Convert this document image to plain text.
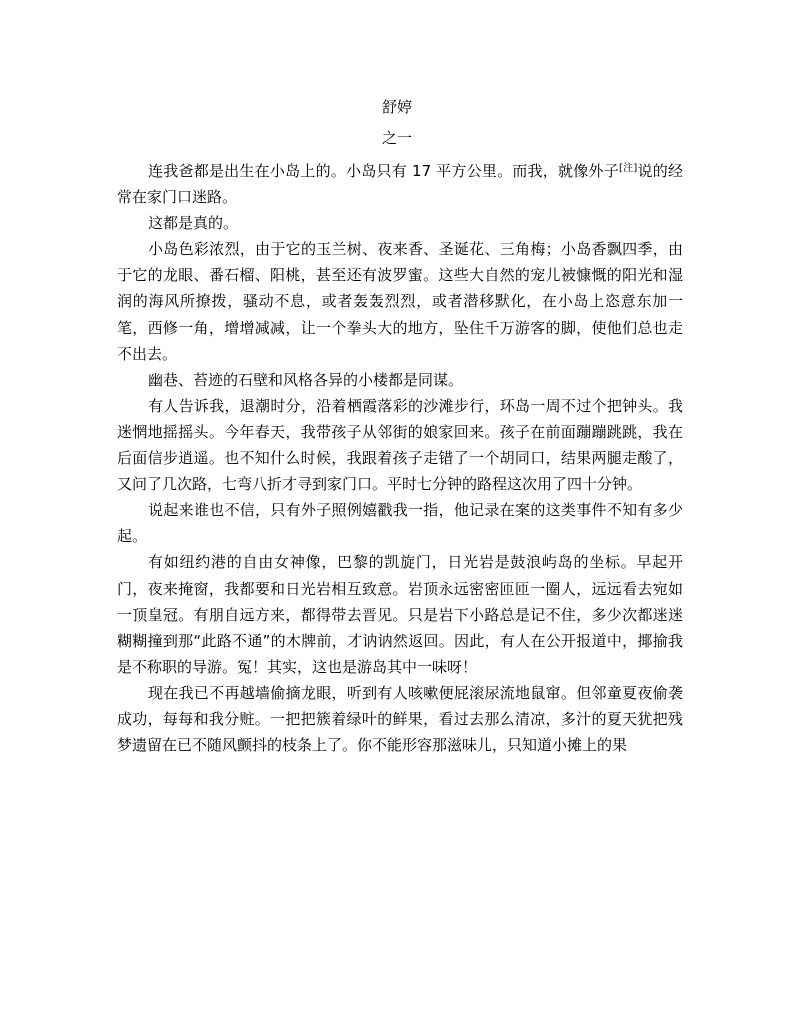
舒婷
之一

连我爸都是出生在小岛上的。小岛只有 17 平方公里。而我，就像外子[注]说的经常在家门口迷路。

这都是真的。

小岛色彩浓烈，由于它的玉兰树、夜来香、圣诞花、三角梅；小岛香飘四季，由于它的龙眼、番石榴、阳桃，甚至还有波罗蜜。这些大自然的宠儿被慷慨的阳光和湿润的海风所撩拨，骚动不息，或者轰轰烈烈，或者潜移默化，在小岛上恣意东加一笔，西修一角，增增减减，让一个拳头大的地方，坠住千万游客的脚，使他们总也走不出去。

幽巷、苔迹的石壁和风格各异的小楼都是同谋。

有人告诉我，退潮时分，沿着栖霞落彩的沙滩步行，环岛一周不过个把钟头。我迷惘地摇摇头。今年春天，我带孩子从邻街的娘家回来。孩子在前面蹦蹦跳跳，我在后面信步逍遥。也不知什么时候，我跟着孩子走错了一个胡同口，结果两腿走酸了，又问了几次路，七弯八折才寻到家门口。平时七分钟的路程这次用了四十分钟。

说起来谁也不信，只有外子照例嬉戳我一指，他记录在案的这类事件不知有多少起。

有如纽约港的自由女神像，巴黎的凯旋门，日光岩是鼓浪屿岛的坐标。早起开门，夜来掩窗，我都要和日光岩相互致意。岩顶永远密密匝匝一圈人，远远看去宛如一顶皇冠。有朋自远方来，都得带去晋见。只是岩下小路总是记不住，多少次都迷迷糊糊撞到那“此路不通”的木牌前，才讷讷然返回。因此，有人在公开报道中，揶揄我是不称职的导游。冤！其实，这也是游岛其中一味呀！

现在我已不再越墙偷摘龙眼，听到有人咳嗽便屁滚尿流地鼠窜。但邻童夏夜偷袭成功，每每和我分赃。一把把簇着绿叶的鲜果，看过去那么清凉，多汁的夏天犹把残梦遗留在已不随风颤抖的枝条上了。你不能形容那滋味儿，只知道小摊上的果
